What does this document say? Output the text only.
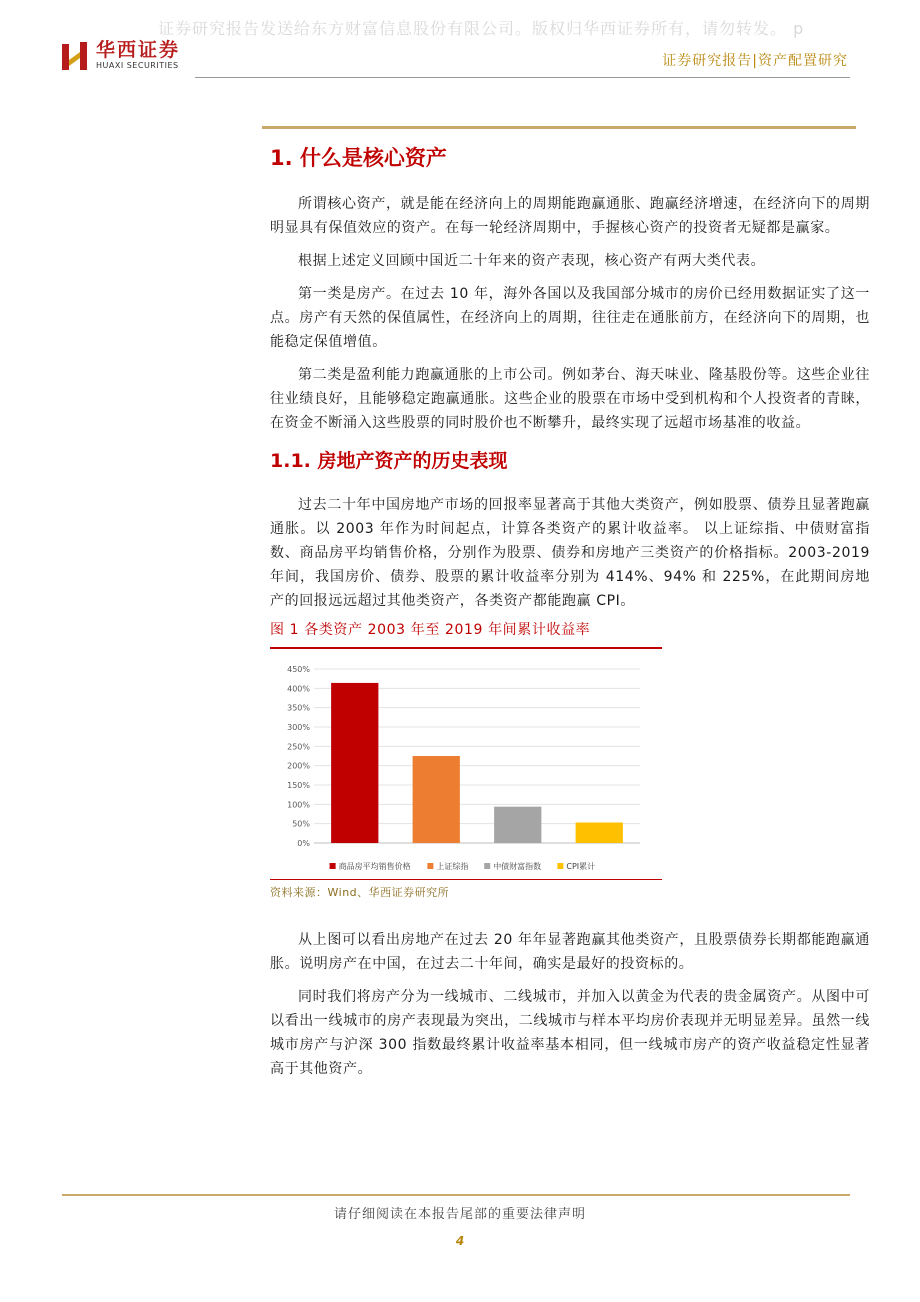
证券研究报告发送给东方财富信息股份有限公司。版权归华西证券所有，请勿转发。 p
华西证券
HUAXI SECURITIES	证券研究报告|资产配置研究
1. 什么是核心资产

所谓核心资产，就是能在经济向上的周期能跑赢通胀、跑赢经济增速，在经济向下的周期明显具有保值效应的资产。在每一轮经济周期中，手握核心资产的投资者无疑都是赢家。

根据上述定义回顾中国近二十年来的资产表现，核心资产有两大类代表。

第一类是房产。在过去 10 年，海外各国以及我国部分城市的房价已经用数据证实了这一点。房产有天然的保值属性，在经济向上的周期，往往走在通胀前方，在经济向下的周期，也能稳定保值增值。

第二类是盈利能力跑赢通胀的上市公司。例如茅台、海天味业、隆基股份等。这些企业往往业绩良好，且能够稳定跑赢通胀。这些企业的股票在市场中受到机构和个人投资者的青睐，在资金不断涌入这些股票的同时股价也不断攀升，最终实现了远超市场基准的收益。

1.1. 房地产资产的历史表现

过去二十年中国房地产市场的回报率显著高于其他大类资产，例如股票、债券且显著跑赢通胀。以 2003 年作为时间起点，计算各类资产的累计收益率。 以上证综指、中债财富指数、商品房平均销售价格，分别作为股票、债券和房地产三类资产的价格指标。2003-2019 年间，我国房价、债券、股票的累计收益率分别为 414%、94% 和 225%，在此期间房地产的回报远远超过其他类资产，各类资产都能跑赢 CPI。

图 1 各类资产 2003 年至 2019 年间累计收益率
0%
50%
100%
150%
200%
250%
300%
350%
400%
450%
商品房平均销售价格	上证综指	中债财富指数	CPI累计
资料来源：Wind、华西证券研究所

从上图可以看出房地产在过去 20 年年显著跑赢其他类资产，且股票债券长期都能跑赢通胀。说明房产在中国，在过去二十年间，确实是最好的投资标的。

同时我们将房产分为一线城市、二线城市，并加入以黄金为代表的贵金属资产。从图中可以看出一线城市的房产表现最为突出，二线城市与样本平均房价表现并无明显差异。虽然一线城市房产与沪深 300 指数最终累计收益率基本相同，但一线城市房产的资产收益稳定性显著高于其他资产。

请仔细阅读在本报告尾部的重要法律声明
4
